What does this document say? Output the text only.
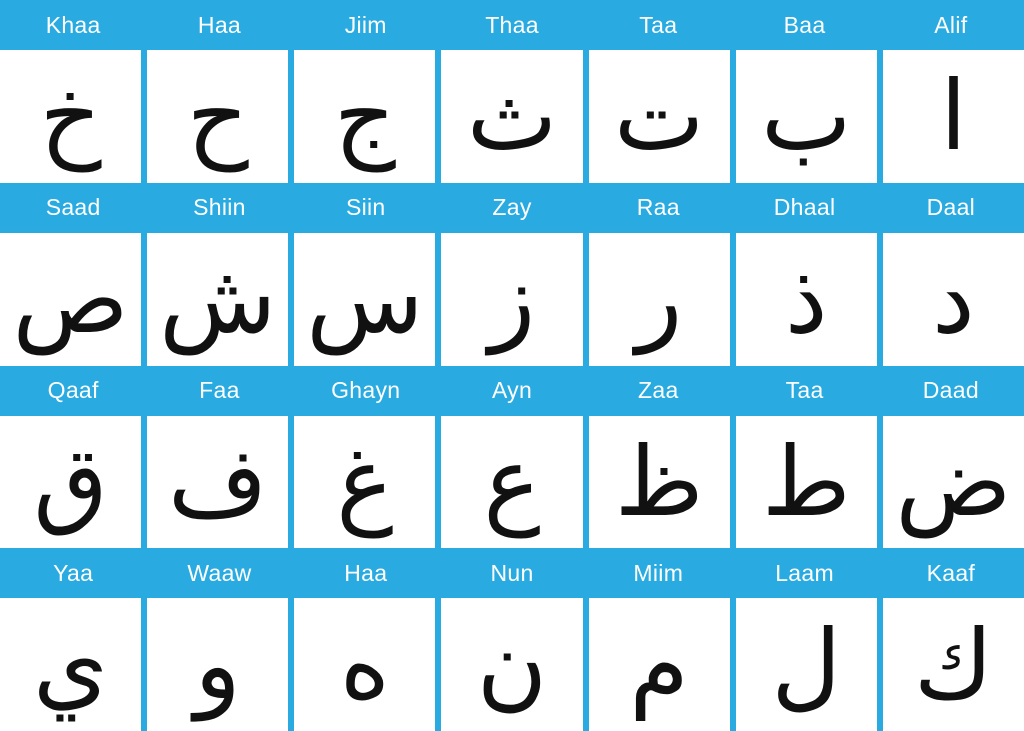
Alif
Baa
Taa
Thaa
Jiim
Haa
Khaa
ا
ب
ت
ث
ج
ح
خ
Daal
Dhaal
Raa
Zay
Siin
Shiin
Saad
د
ذ
ر
ز
س
ش
ص
Daad
Taa
Zaa
Ayn
Ghayn
Faa
Qaaf
ض
ط
ظ
ع
غ
ف
ق
Kaaf
Laam
Miim
Nun
Haa
Waaw
Yaa
ك
ل
م
ن
ه
و
ي
